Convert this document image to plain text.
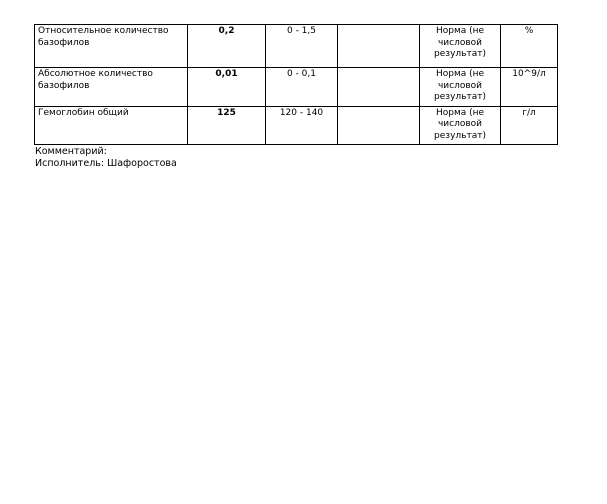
Относительное количество базофилов	0,2	0 - 1,5		Норма (не числовой результат)	%
Абсолютное количество базофилов	0,01	0 - 0,1		Норма (не числовой результат)	10^9/л
Гемоглобин общий	125	120 - 140		Норма (не числовой результат)	г/л
Комментарий:
Исполнитель: Шафоростова
